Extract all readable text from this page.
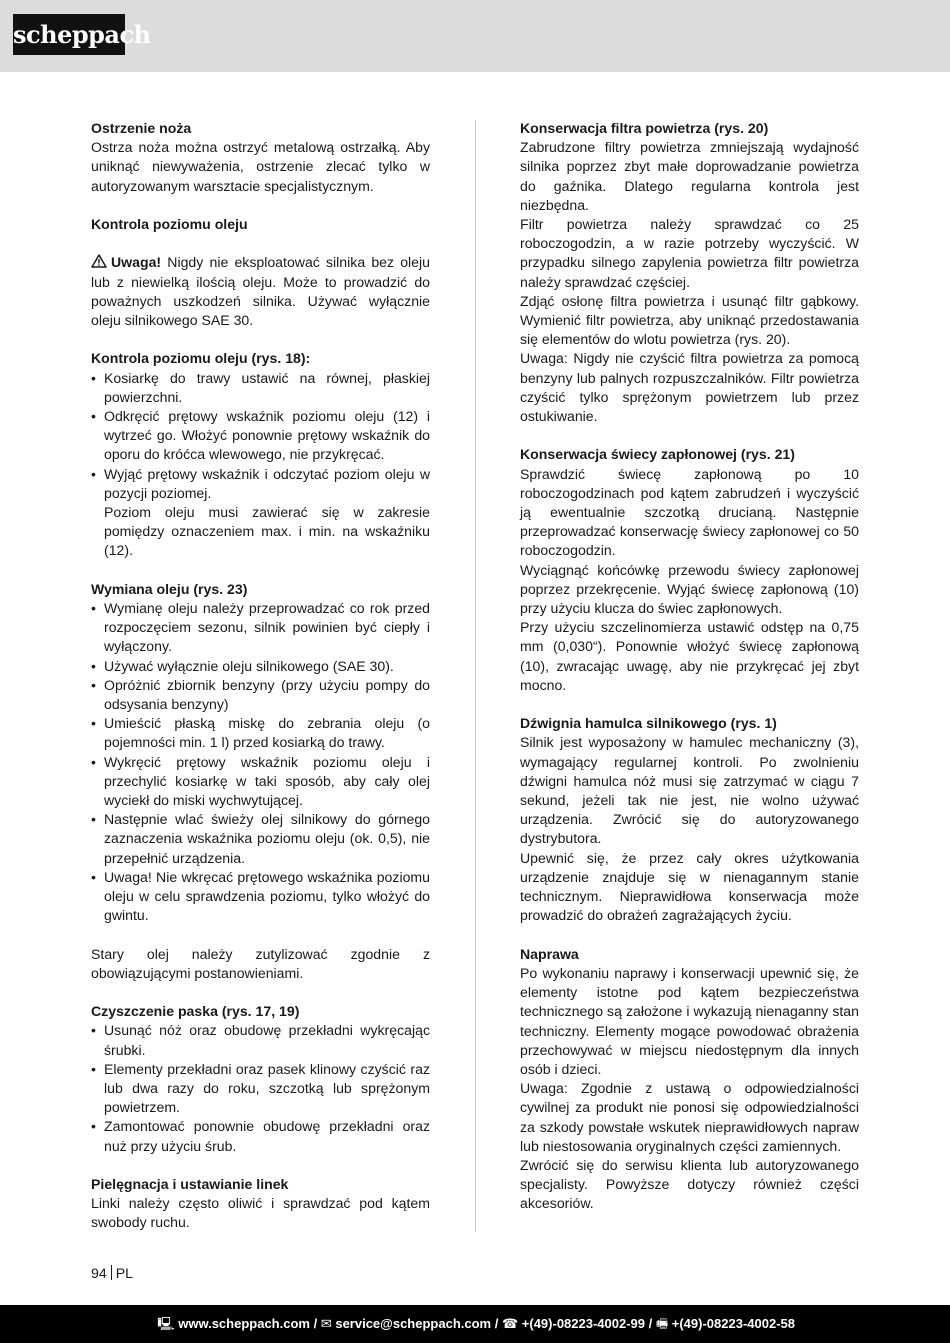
scheppach

Ostrzenie noża

Ostrza noża można ostrzyć metalową ostrzałką. Aby uniknąć niewyważenia, ostrzenie zlecać tylko w autoryzowanym warsztacie specjalistycznym.

Kontrola poziomu oleju

Uwaga! Nigdy nie eksploatować silnika bez oleju lub z niewielką ilością oleju. Może to prowadzić do poważnych uszkodzeń silnika. Używać wyłącznie oleju silnikowego SAE 30.

Kontrola poziomu oleju (rys. 18):

• Kosiarkę do trawy ustawić na równej, płaskiej powierzchni.
• Odkręcić prętowy wskaźnik poziomu oleju (12) i wytrzeć go. Włożyć ponownie prętowy wskaźnik do oporu do króćca wlewowego, nie przykręcać.
• Wyjąć prętowy wskaźnik i odczytać poziom oleju w pozycji poziomej.

Poziom oleju musi zawierać się w zakresie pomiędzy oznaczeniem max. i min. na wskaźniku (12).

Wymiana oleju (rys. 23)

• Wymianę oleju należy przeprowadzać co rok przed rozpoczęciem sezonu, silnik powinien być ciepły i wyłączony.
• Używać wyłącznie oleju silnikowego (SAE 30).
• Opróżnić zbiornik benzyny (przy użyciu pompy do odsysania benzyny)
• Umieścić płaską miskę do zebrania oleju (o pojemności min. 1 l) przed kosiarką do trawy.
• Wykręcić prętowy wskaźnik poziomu oleju i przechylić kosiarkę w taki sposób, aby cały olej wyciekł do miski wychwytującej.
• Następnie wlać świeży olej silnikowy do górnego zaznaczenia wskaźnika poziomu oleju (ok. 0,5), nie przepełnić urządzenia.
• Uwaga! Nie wkręcać prętowego wskaźnika poziomu oleju w celu sprawdzenia poziomu, tylko włożyć do gwintu.

Stary olej należy zutylizować zgodnie z obowiązującymi postanowieniami.

Czyszczenie paska (rys. 17, 19)

• Usunąć nóż oraz obudowę przekładni wykręcając śrubki.
• Elementy przekładni oraz pasek klinowy czyścić raz lub dwa razy do roku, szczotką lub sprężonym powietrzem.
• Zamontować ponownie obudowę przekładni oraz nuż przy użyciu śrub.

Pielęgnacja i ustawianie linek

Linki należy często oliwić i sprawdzać pod kątem swobody ruchu.

Konserwacja filtra powietrza (rys. 20)

Zabrudzone filtry powietrza zmniejszają wydajność silnika poprzez zbyt małe doprowadzanie powietrza do gaźnika. Dlatego regularna kontrola jest niezbędna.

Filtr powietrza należy sprawdzać co 25 roboczogodzin, a w razie potrzeby wyczyścić. W przypadku silnego zapylenia powietrza filtr powietrza należy sprawdzać częściej.

Zdjąć osłonę filtra powietrza i usunąć filtr gąbkowy. Wymienić filtr powietrza, aby uniknąć przedostawania się elementów do wlotu powietrza (rys. 20).

Uwaga: Nigdy nie czyścić filtra powietrza za pomocą benzyny lub palnych rozpuszczalników. Filtr powietrza czyścić tylko sprężonym powietrzem lub przez ostukiwanie.

Konserwacja świecy zapłonowej (rys. 21)

Sprawdzić świecę zapłonową po 10 roboczogodzinach pod kątem zabrudzeń i wyczyścić ją ewentualnie szczotką drucianą. Następnie przeprowadzać konserwację świecy zapłonowej co 50 roboczogodzin.

Wyciągnąć końcówkę przewodu świecy zapłonowej poprzez przekręcenie. Wyjąć świecę zapłonową (10) przy użyciu klucza do świec zapłonowych.

Przy użyciu szczelinomierza ustawić odstęp na 0,75 mm (0,030“). Ponownie włożyć świecę zapłonową (10), zwracając uwagę, aby nie przykręcać jej zbyt mocno.

Dźwignia hamulca silnikowego (rys. 1)

Silnik jest wyposażony w hamulec mechaniczny (3), wymagający regularnej kontroli. Po zwolnieniu dźwigni hamulca nóż musi się zatrzymać w ciągu 7 sekund, jeżeli tak nie jest, nie wolno używać urządzenia. Zwrócić się do autoryzowanego dystrybutora.

Upewnić się, że przez cały okres użytkowania urządzenie znajduje się w nienagannym stanie technicznym. Nieprawidłowa konserwacja może prowadzić do obrażeń zagrażających życiu.

Naprawa

Po wykonaniu naprawy i konserwacji upewnić się, że elementy istotne pod kątem bezpieczeństwa technicznego są założone i wykazują nienaganny stan techniczny. Elementy mogące powodować obrażenia przechowywać w miejscu niedostępnym dla innych osób i dzieci.

Uwaga: Zgodnie z ustawą o odpowiedzialności cywilnej za produkt nie ponosi się odpowiedzialności za szkody powstałe wskutek nieprawidłowych napraw lub niestosowania oryginalnych części zamiennych.

Zwrócić się do serwisu klienta lub autoryzowanego specjalisty. Powyższe dotyczy również części akcesoriów.

94 PL
🖳︎ www.scheppach.com / ✉︎ service@scheppach.com / ☎︎ +(49)-08223-4002-99 / 🖷︎ +(49)-08223-4002-58
